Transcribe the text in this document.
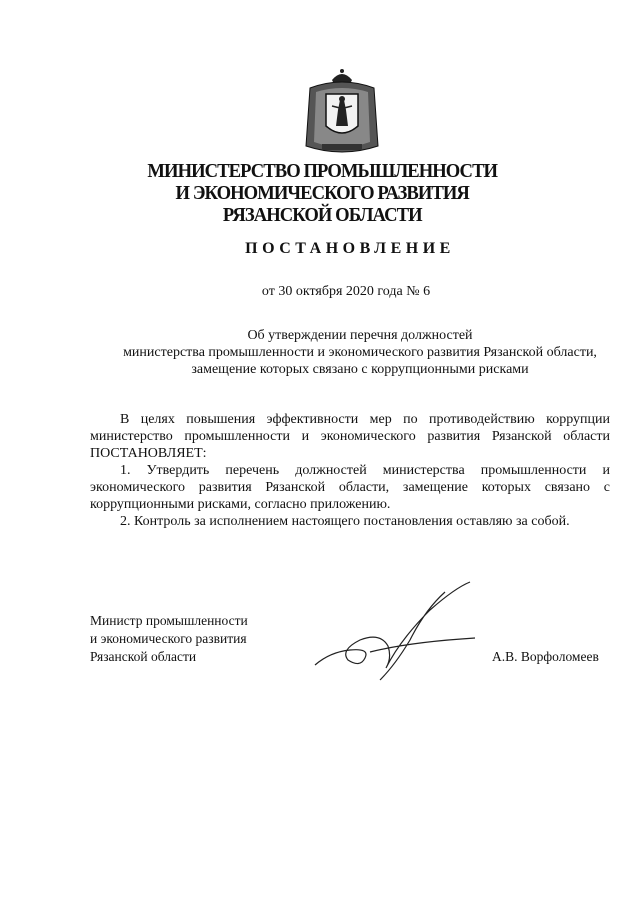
МИНИСТЕРСТВО ПРОМЫШЛЕННОСТИ
И ЭКОНОМИЧЕСКОГО РАЗВИТИЯ
РЯЗАНСКОЙ ОБЛАСТИ
ПОСТАНОВЛЕНИЕ
от 30 октября 2020 года № 6
Об утверждении перечня должностей
министерства промышленности и экономического развития Рязанской области,
замещение которых связано с коррупционными рисками

В целях повышения эффективности мер по противодействию коррупции министерство промышленности и экономического развития Рязанской области ПОСТАНОВЛЯЕТ:

1. Утвердить перечень должностей министерства промышленности и экономического развития Рязанской области, замещение которых связано с коррупционными рисками, согласно приложению.

2. Контроль за исполнением настоящего постановления оставляю за собой.

Министр промышленности
и экономического развития
Рязанской области	А.В. Ворфоломеев
